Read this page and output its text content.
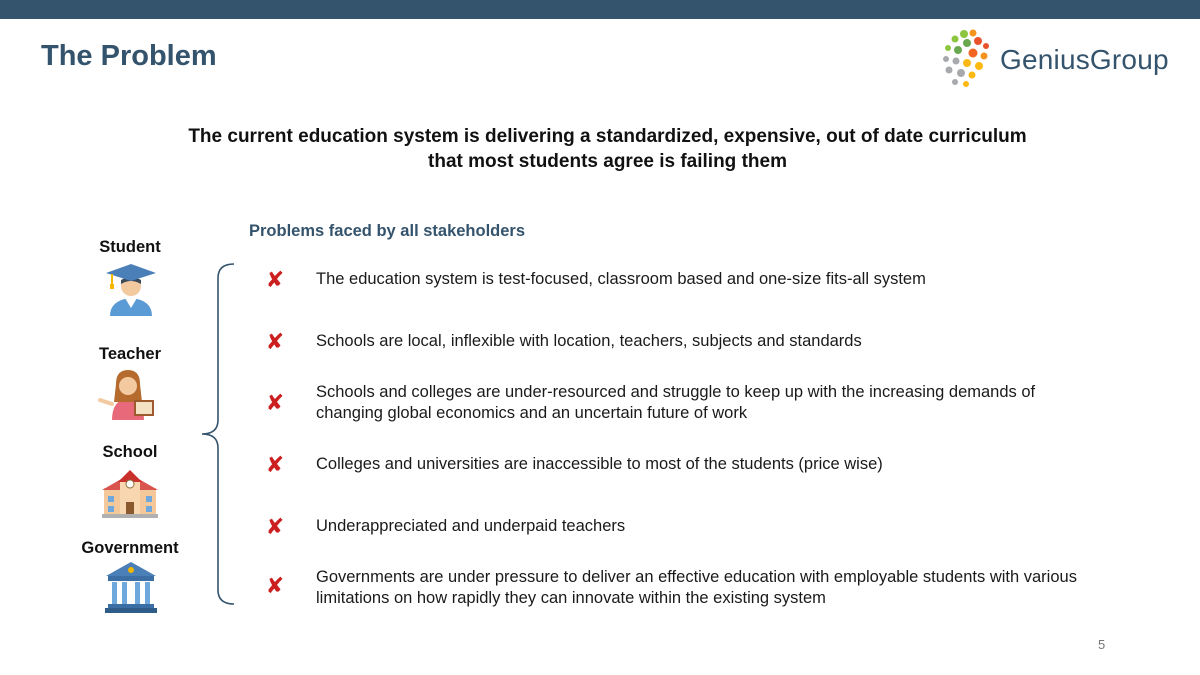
The Problem	GeniusGroup
The current education system is delivering a standardized, expensive, out of date curriculum
that most students agree is failing them
Problems faced by all stakeholders
Student
Teacher
School
Government
✘ The education system is test-focused, classroom based and one-size fits-all system
✘ Schools are local, inflexible with location, teachers, subjects and standards
✘ Schools and colleges are under-resourced and struggle to keep up with the increasing demands of changing global economics and an uncertain future of work
✘ Colleges and universities are inaccessible to most of the students (price wise)
✘ Underappreciated and underpaid teachers
✘ Governments are under pressure to deliver an effective education with employable students with various limitations on how rapidly they can innovate within the existing system
5
